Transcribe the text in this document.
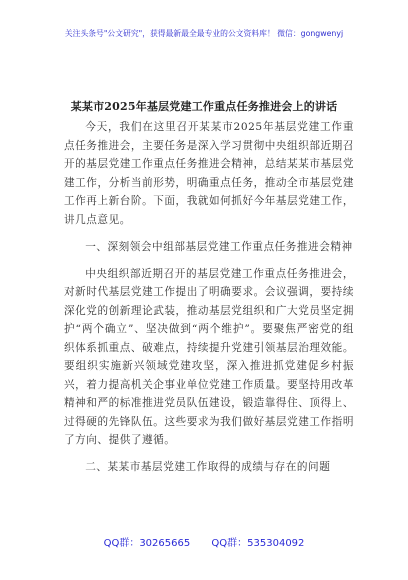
关注头条号"公文研究"，获得最新最全最专业的公文资料库！ 微信：gongwenyj
某某市2025年基层党建工作重点任务推进会上的讲话

今天，我们在这里召开某某市2025年基层党建工作重点任务推进会，主要任务是深入学习贯彻中央组织部近期召开的基层党建工作重点任务推进会精神，总结某某市基层党建工作，分析当前形势，明确重点任务，推动全市基层党建工作再上新台阶。下面，我就如何抓好今年基层党建工作，讲几点意见。

一、深刻领会中组部基层党建工作重点任务推进会精神

中央组织部近期召开的基层党建工作重点任务推进会，对新时代基层党建工作提出了明确要求。会议强调，要持续深化党的创新理论武装，推动基层党组织和广大党员坚定拥护“两个确立”、坚决做到“两个维护”。要聚焦严密党的组织体系抓重点、破难点，持续提升党建引领基层治理效能。要组织实施新兴领域党建攻坚，深入推进抓党建促乡村振兴，着力提高机关企事业单位党建工作质量。要坚持用改革精神和严的标准推进党员队伍建设，锻造靠得住、顶得上、过得硬的先锋队伍。这些要求为我们做好基层党建工作指明了方向、提供了遵循。

二、某某市基层党建工作取得的成绩与存在的问题

QQ群：30265665 QQ群：535304092
